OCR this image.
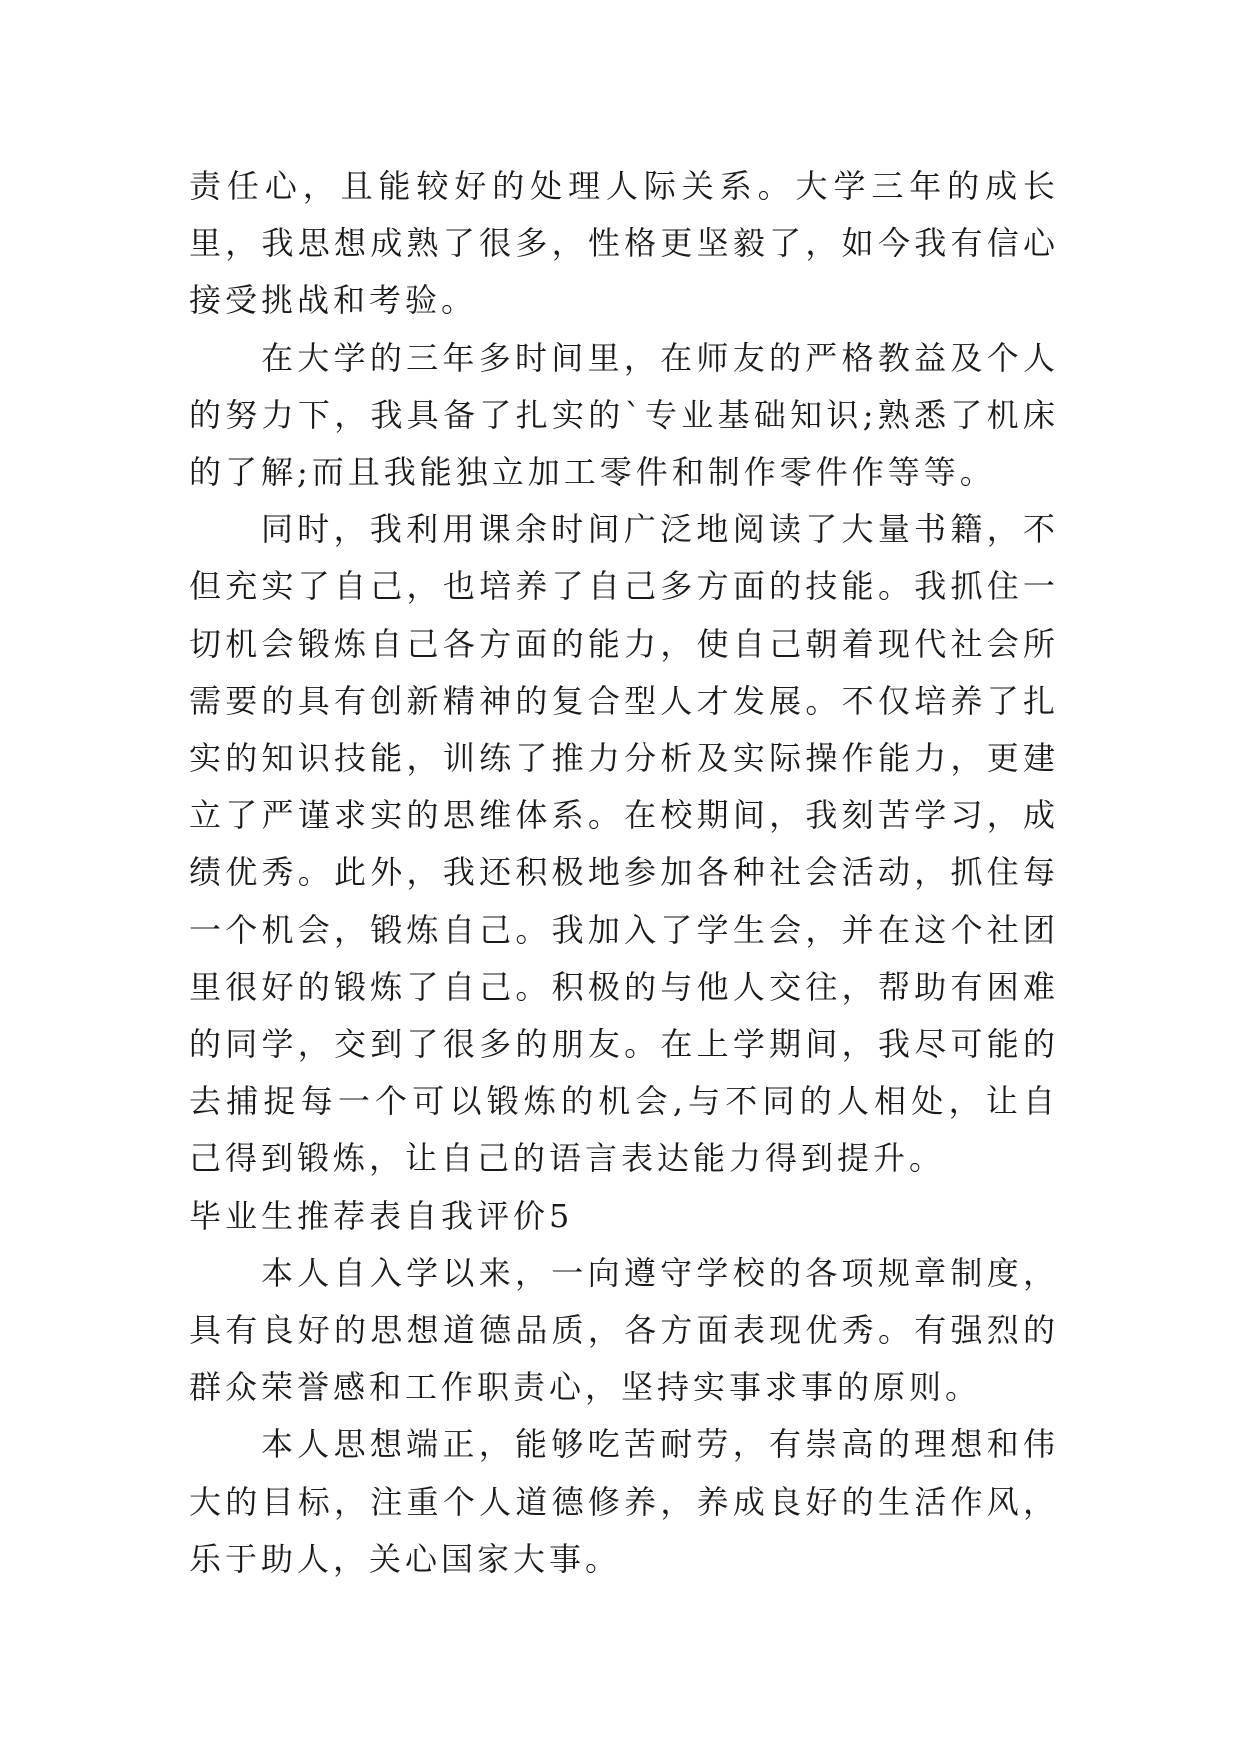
责任心，且能较好的处理人际关系。大学三年的成长里，我思想成熟了很多，性格更坚毅了，如今我有信心接受挑战和考验。

在大学的三年多时间里，在师友的严格教益及个人的努力下，我具备了扎实的`专业基础知识;熟悉了机床的了解;而且我能独立加工零件和制作零件作等等。

同时，我利用课余时间广泛地阅读了大量书籍，不但充实了自己，也培养了自己多方面的技能。我抓住一切机会锻炼自己各方面的能力，使自己朝着现代社会所需要的具有创新精神的复合型人才发展。不仅培养了扎实的知识技能，训练了推力分析及实际操作能力，更建立了严谨求实的思维体系。在校期间，我刻苦学习，成绩优秀。此外，我还积极地参加各种社会活动，抓住每一个机会，锻炼自己。我加入了学生会，并在这个社团里很好的锻炼了自己。积极的与他人交往，帮助有困难的同学，交到了很多的朋友。在上学期间，我尽可能的去捕捉每一个可以锻炼的机会,与不同的人相处，让自己得到锻炼，让自己的语言表达能力得到提升。

毕业生推荐表自我评价5

本人自入学以来，一向遵守学校的各项规章制度，具有良好的思想道德品质，各方面表现优秀。有强烈的群众荣誉感和工作职责心，坚持实事求事的原则。

本人思想端正，能够吃苦耐劳，有崇高的理想和伟大的目标，注重个人道德修养，养成良好的生活作风，乐于助人，关心国家大事。
